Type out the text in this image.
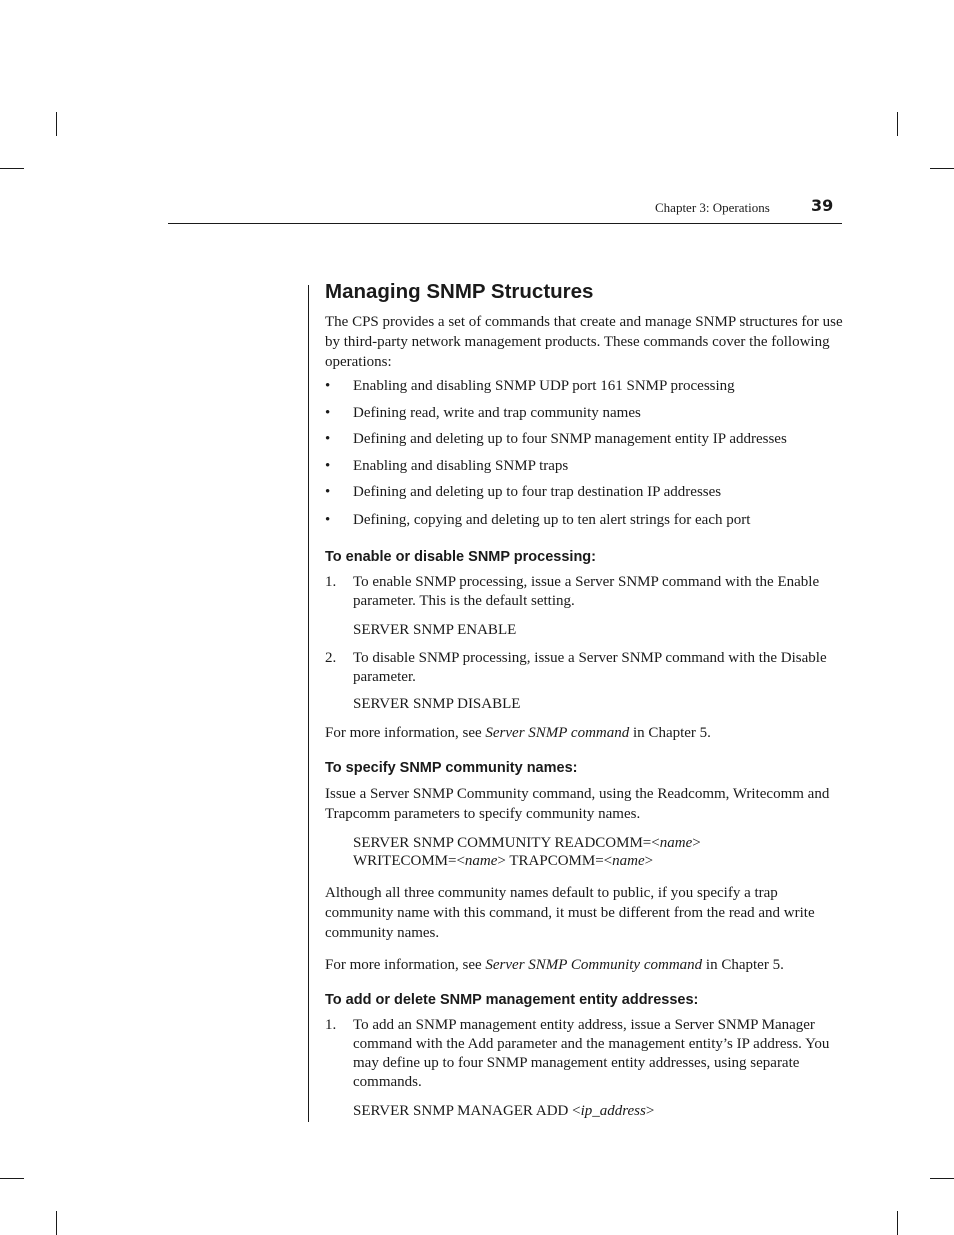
Chapter 3: Operations	39
Managing SNMP Structures

The CPS provides a set of commands that create and manage SNMP structures for use by third-party network management products. These commands cover the following operations:

• Enabling and disabling SNMP UDP port 161 SNMP processing
• Defining read, write and trap community names
• Defining and deleting up to four SNMP management entity IP addresses
• Enabling and disabling SNMP traps
• Defining and deleting up to four trap destination IP addresses
• Defining, copying and deleting up to ten alert strings for each port
To enable or disable SNMP processing:
1. To enable SNMP processing, issue a Server SNMP command with the Enable parameter. This is the default setting.
SERVER SNMP ENABLE
2. To disable SNMP processing, issue a Server SNMP command with the Disable parameter.
SERVER SNMP DISABLE

For more information, see Server SNMP command in Chapter 5.

To specify SNMP community names:

Issue a Server SNMP Community command, using the Readcomm, Writecomm and Trapcomm parameters to specify community names.

SERVER SNMP COMMUNITY READCOMM=<name>
WRITECOMM=<name> TRAPCOMM=<name>

Although all three community names default to public, if you specify a trap community name with this command, it must be different from the read and write community names.

For more information, see Server SNMP Community command in Chapter 5.

To add or delete SNMP management entity addresses:
1. To add an SNMP management entity address, issue a Server SNMP Manager command with the Add parameter and the management entity’s IP address. You may define up to four SNMP management entity addresses, using separate commands.
SERVER SNMP MANAGER ADD <ip_address>
